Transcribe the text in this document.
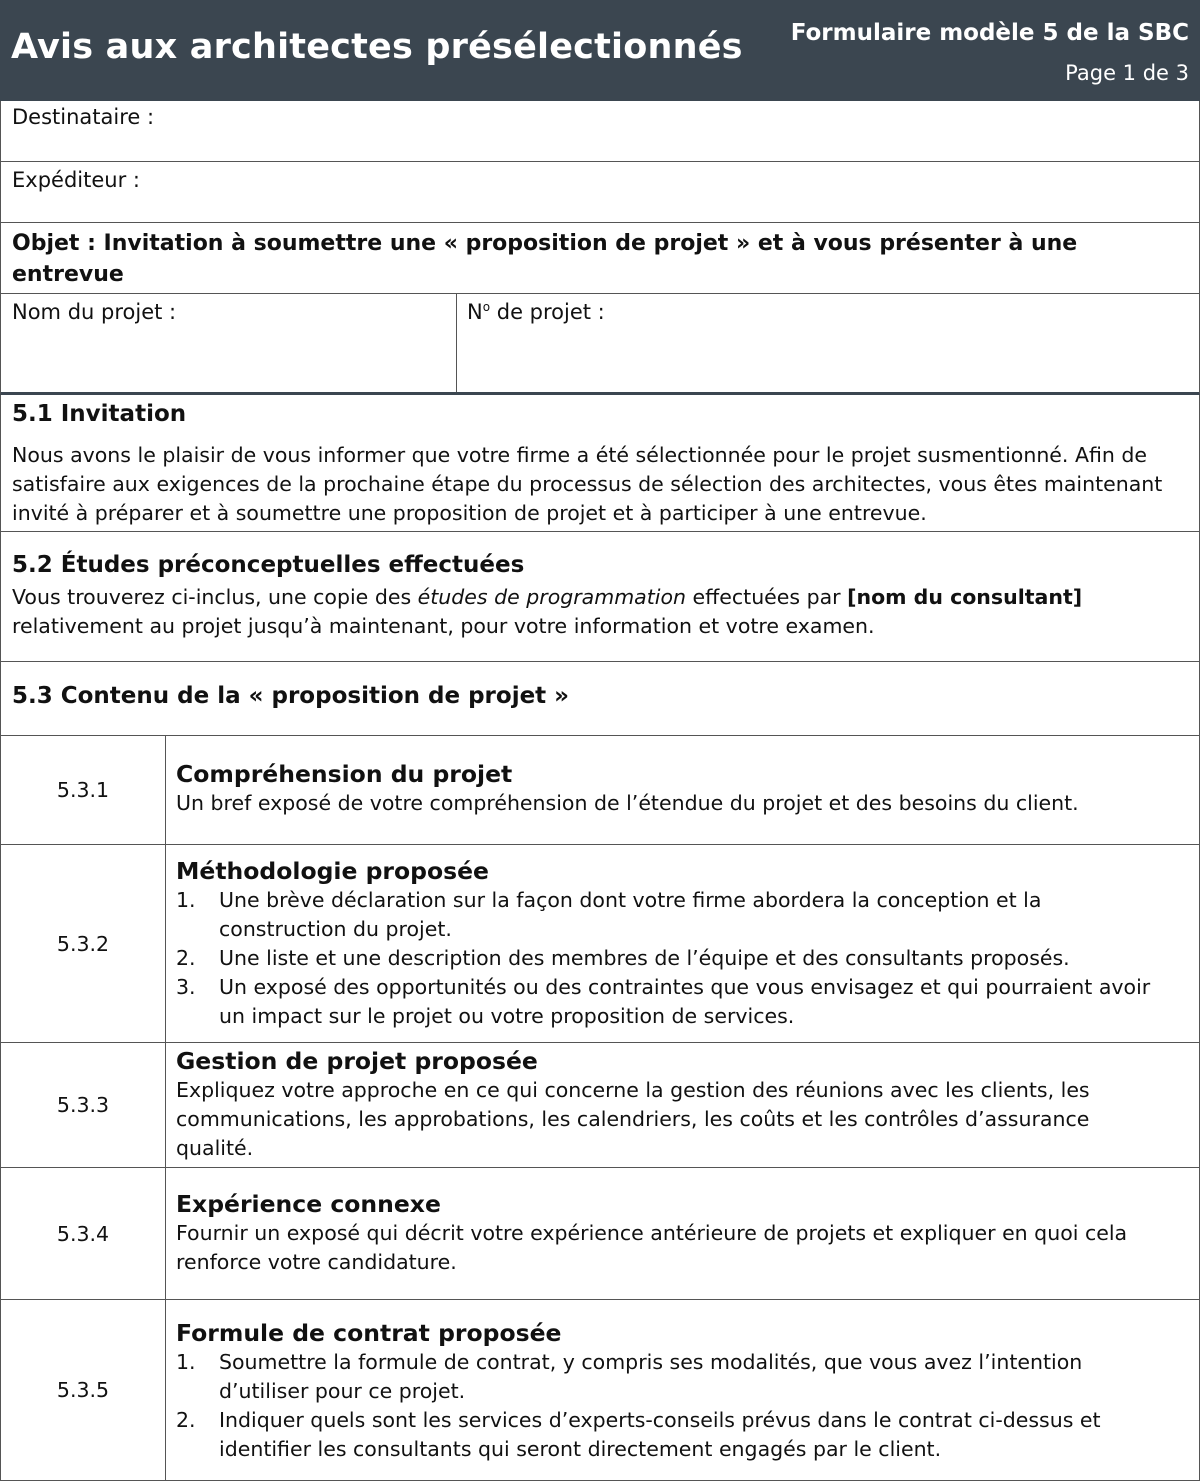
Avis aux architectes présélectionnés Formulaire modèle 5 de la SBC
Page 1 de 3
Destinataire :
Expéditeur :
Objet : Invitation à soumettre une « proposition de projet » et à vous présenter à une entrevue
Nom du projet :	$N^o$ de projet :
5.1 Invitation
Nous avons le plaisir de vous informer que votre firme a été sélectionnée pour le projet susmentionné. Afin de satisfaire aux exigences de la prochaine étape du processus de sélection des architectes, vous êtes maintenant invité à préparer et à soumettre une proposition de projet et à participer à une entrevue.
5.2 Études préconceptuelles effectuées
Vous trouverez ci-inclus, une copie des études de programmation effectuées par [nom du consultant] relativement au projet jusqu’à maintenant, pour votre information et votre examen.
5.3 Contenu de la « proposition de projet »
5.3.1
Compréhension du projet
Un bref exposé de votre compréhension de l’étendue du projet et des besoins du client.
5.3.2
Méthodologie proposée
1. Une brève déclaration sur la façon dont votre firme abordera la conception et la construction du projet.
2. Une liste et une description des membres de l’équipe et des consultants proposés.
3. Un exposé des opportunités ou des contraintes que vous envisagez et qui pourraient avoir un impact sur le projet ou votre proposition de services.
5.3.3
Gestion de projet proposée
Expliquez votre approche en ce qui concerne la gestion des réunions avec les clients, les communications, les approbations, les calendriers, les coûts et les contrôles d’assurance qualité.
5.3.4
Expérience connexe
Fournir un exposé qui décrit votre expérience antérieure de projets et expliquer en quoi cela renforce votre candidature.
5.3.5
Formule de contrat proposée
1. Soumettre la formule de contrat, y compris ses modalités, que vous avez l’intention d’utiliser pour ce projet.
2. Indiquer quels sont les services d’experts-conseils prévus dans le contrat ci-dessus et identifier les consultants qui seront directement engagés par le client.
